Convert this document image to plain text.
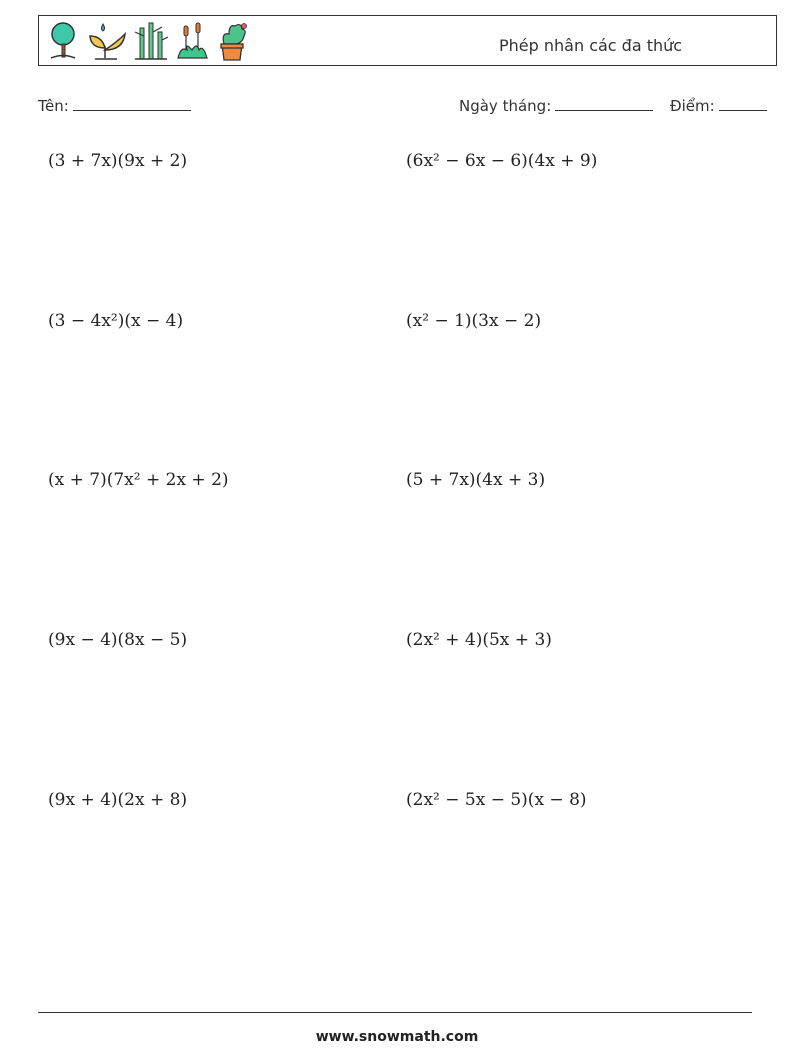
Phép nhân các đa thức
Tên:	Ngày tháng:	Điểm:
(3 + 7x)(9x + 2)	(6x² − 6x − 6)(4x + 9)
(3 − 4x²)(x − 4)	(x² − 1)(3x − 2)
(x + 7)(7x² + 2x + 2)	(5 + 7x)(4x + 3)
(9x − 4)(8x − 5)	(2x² + 4)(5x + 3)
(9x + 4)(2x + 8)	(2x² − 5x − 5)(x − 8)
www.snowmath.com
